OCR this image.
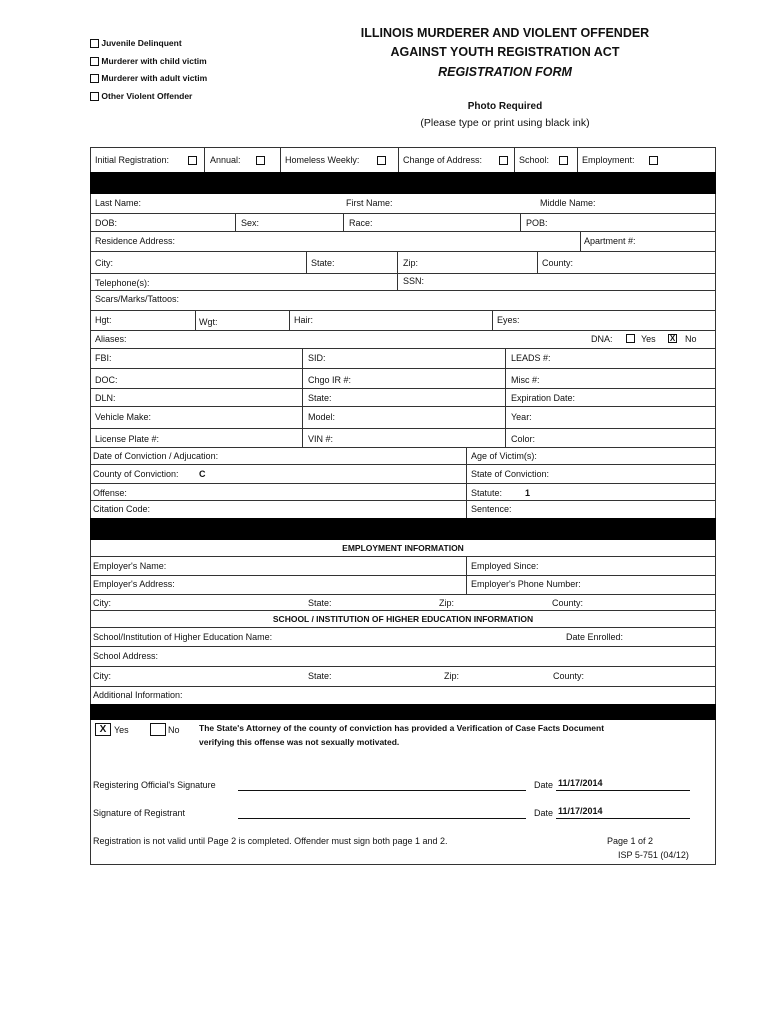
Juvenile Delinquent
Murderer with child victim
Murderer with adult victim
Other Violent Offender
ILLINOIS MURDERER AND VIOLENT OFFENDER
AGAINST YOUTH REGISTRATION ACT
REGISTRATION FORM
Photo Required
(Please type or print using black ink)
Initial Registration:	Annual:	Homeless Weekly:	Change of Address:	School:	Employment:
Last Name:	First Name:	Middle Name:
DOB:	Sex:	Race:	POB:
Residence Address:	Apartment #:
City:	State:	Zip:	County:
Telephone(s):	SSN:
Scars/Marks/Tattoos:
Hgt:	Wgt:	Hair:	Eyes:
Aliases:	DNA:	Yes X No
FBI:	SID:	LEADS #:
DOC:	Chgo IR #:	Misc #:
DLN:	State:	Expiration Date:
Vehicle Make:	Model:	Year:
License Plate #:	VIN #:	Color:
Date of Conviction / Adjucation:	Age of Victim(s):
County of Conviction: C	State of Conviction:
Offense:	Statute:	1
Citation Code:	Sentence:
EMPLOYMENT INFORMATION
Employer's Name:	Employed Since:
Employer's Address:	Employer's Phone Number:
City:	State:	Zip:	County:
SCHOOL / INSTITUTION OF HIGHER EDUCATION INFORMATION
School/Institution of Higher Education Name:	Date Enrolled:
School Address:
City:	State:	Zip:	County:
Additional Information:
X Yes	No The State's Attorney of the county of conviction has provided a Verification of Case Facts Document
verifying this offense was not sexually motivated.
Registering Official's Signature	Date 11/17/2014
Signature of Registrant	Date 11/17/2014
Registration is not valid until Page 2 is completed. Offender must sign both page 1 and 2.	Page 1 of 2
ISP 5-751 (04/12)
